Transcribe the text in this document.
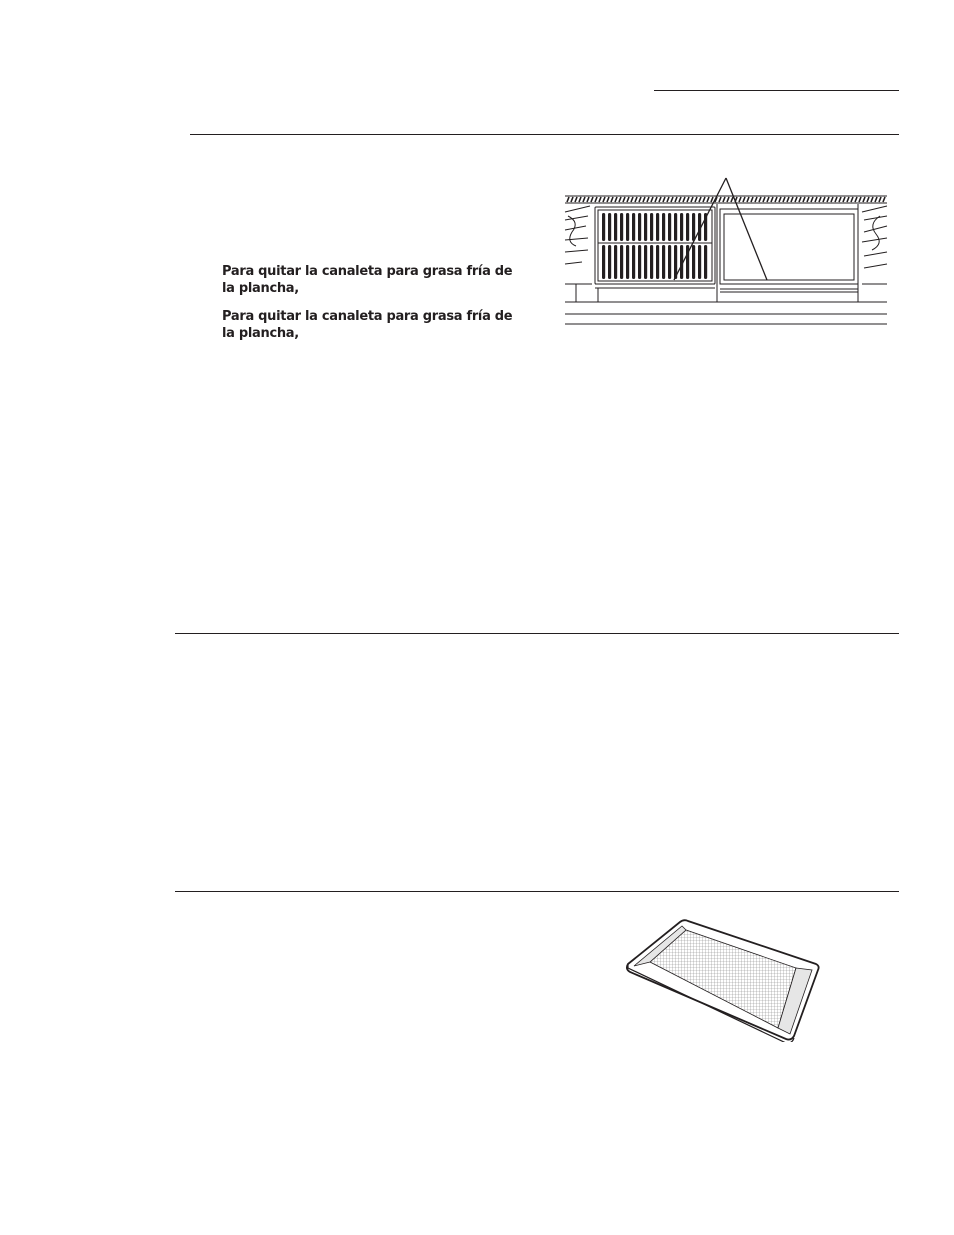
Para quitar la canaleta para grasa fría de la plancha,
Para quitar la canaleta para grasa fría de la plancha,
